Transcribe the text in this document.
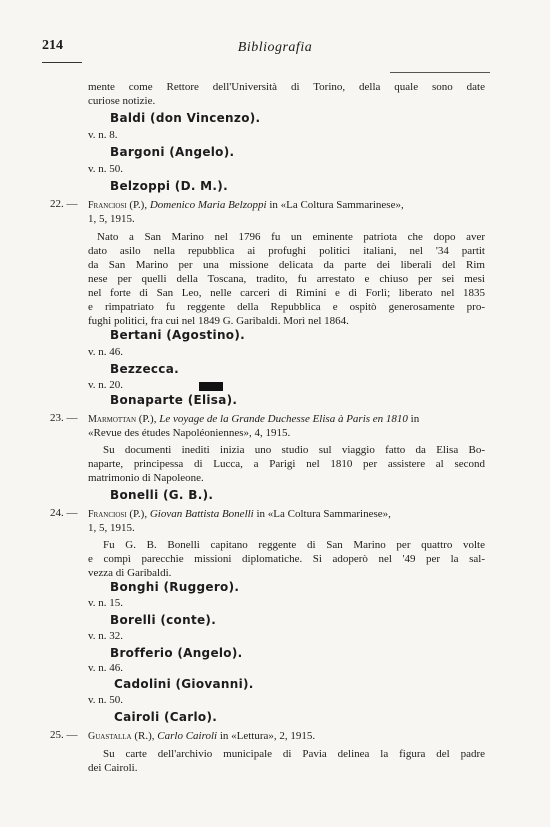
214	Bibliografia
mente come Rettore dell'Università di Torino, della quale sono date
curiose notizie.
Baldi (don Vincenzo).
v. n. 8.
Bargoni (Angelo).
v. n. 50.
Belzoppi (D. M.).
22. — Franciosi (P.), Domenico Maria Belzoppi in «La Coltura Sammarinese»,
1, 5, 1915.
Nato a San Marino nel 1796 fu un eminente patriota che dopo aver
dato asilo nella repubblica ai profughi politici italiani, nel '34 partit
da San Marino per una missione delicata da parte dei liberali del Rim
nese per quelli della Toscana, tradito, fu arrestato e chiuso per sei mesi
nel forte di San Leo, nelle carceri di Rimini e di Forlì; liberato nel 1835
e rimpatriato fu reggente della Repubblica e ospitò generosamente pro-
fughi politici, fra cui nel 1849 G. Garibaldi. Morì nel 1864.
Bertani (Agostino).
v. n. 46.
Bezzecca.
v. n. 20.
Bonaparte (Elisa).
23. — Marmottan (P.), Le voyage de la Grande Duchesse Elisa à Paris en 1810 in
«Revue des études Napoléoniennes», 4, 1915.
Su documenti inediti inizia uno studio sul viaggio fatto da Elisa Bo-
naparte, principessa di Lucca, a Parigi nel 1810 per assistere al second
matrimonio di Napoleone.
Bonelli (G. B.).
24. — Franciosi (P.), Giovan Battista Bonelli in «La Coltura Sammarinese»,
1, 5, 1915.
Fu G. B. Bonelli capitano reggente di San Marino per quattro volte
e compì parecchie missioni diplomatiche. Si adoperò nel '49 per la sal-
vezza di Garibaldi.
Bonghi (Ruggero).
v. n. 15.
Borelli (conte).
v. n. 32.
Brofferio (Angelo).
v. n. 46.
Cadolini (Giovanni).
v. n. 50.
Cairoli (Carlo).
25. — Guastalla (R.), Carlo Cairoli in «Lettura», 2, 1915.
Su carte dell'archivio municipale di Pavia delinea la figura del padre
dei Cairoli.
